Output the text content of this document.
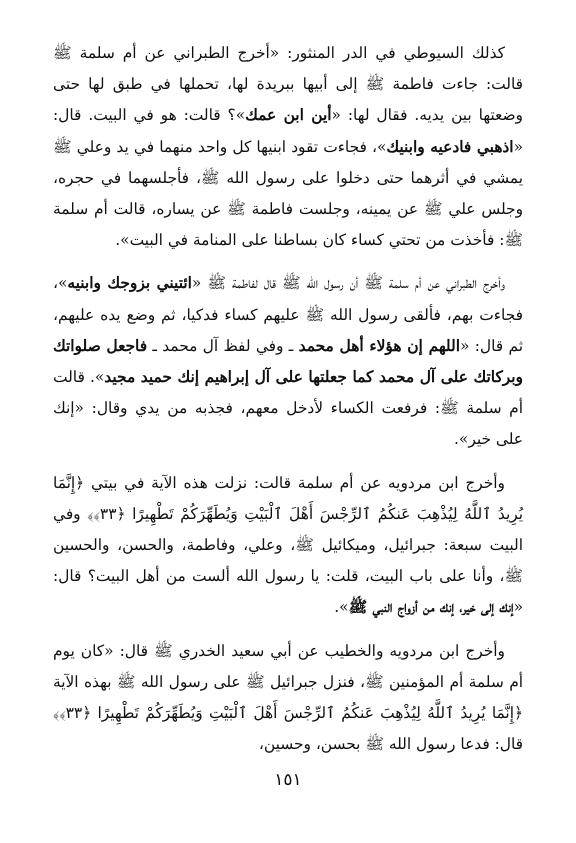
كذلك السيوطي في الدر المنثور: «أخرج الطبراني عن أم سلمة ﷺ قالت: جاءت فاطمة ﷺ إلى أبيها ببريدة لها، تحملها في طبق لها حتى وضعتها بين يديه. فقال لها: «أين ابن عمك»؟ قالت: هو في البيت. قال: «اذهبي فادعيه وابنيك»، فجاءت تقود ابنيها كل واحد منهما في يد وعلي ﷺ يمشي في أثرهما حتى دخلوا على رسول الله ﷺ، فأجلسهما في حجره، وجلس علي ﷺ عن يمينه، وجلست فاطمة ﷺ عن يساره، قالت أم سلمة ﷺ: فأخذت من تحتي كساء كان بساطنا على المنامة في البيت».

وأخرج الطبراني عن أم سلمة ﷺ أن رسول الله ﷺ قال لفاطمة ﷺ «ائتيني بزوجك وابنيه»، فجاءت بهم، فألقى رسول الله ﷺ عليهم كساء فدكيا، ثم وضع يده عليهم، ثم قال: «اللهم إن هؤلاء أهل محمد ـ وفي لفظ آل محمد ـ فاجعل صلواتك وبركاتك على آل محمد كما جعلتها على آل إبراهيم إنك حميد مجيد». قالت أم سلمة ﷺ: فرفعت الكساء لأدخل معهم، فجذبه من يدي وقال: «إنك على خير».

وأخرج ابن مردويه عن أم سلمة قالت: نزلت هذه الآية في بيتي ﴿إِنَّمَا يُرِيدُ ٱللَّهُ لِيُذْهِبَ عَنكُمُ ٱلرِّجْسَ أَهْلَ ٱلْبَيْتِ وَيُطَهِّرَكُمْ تَطْهِيرًا ﴿٣٣﴾﴾ وفي البيت سبعة: جبرائيل، وميكائيل ﷺ، وعلي، وفاطمة، والحسن، والحسين ﷺ، وأنا على باب البيت، قلت: يا رسول الله ألست من أهل البيت؟ قال: «إنك إلى خير، إنك من أزواج النبي ﷺ».

وأخرج ابن مردويه والخطيب عن أبي سعيد الخدري ﷺ قال: «كان يوم أم سلمة أم المؤمنين ﷺ، فنزل جبرائيل ﷺ على رسول الله ﷺ بهذه الآية ﴿إِنَّمَا يُرِيدُ ٱللَّهُ لِيُذْهِبَ عَنكُمُ ٱلرِّجْسَ أَهْلَ ٱلْبَيْتِ وَيُطَهِّرَكُمْ تَطْهِيرًا ﴿٣٣﴾﴾ قال: فدعا رسول الله ﷺ بحسن، وحسين،

١٥١
